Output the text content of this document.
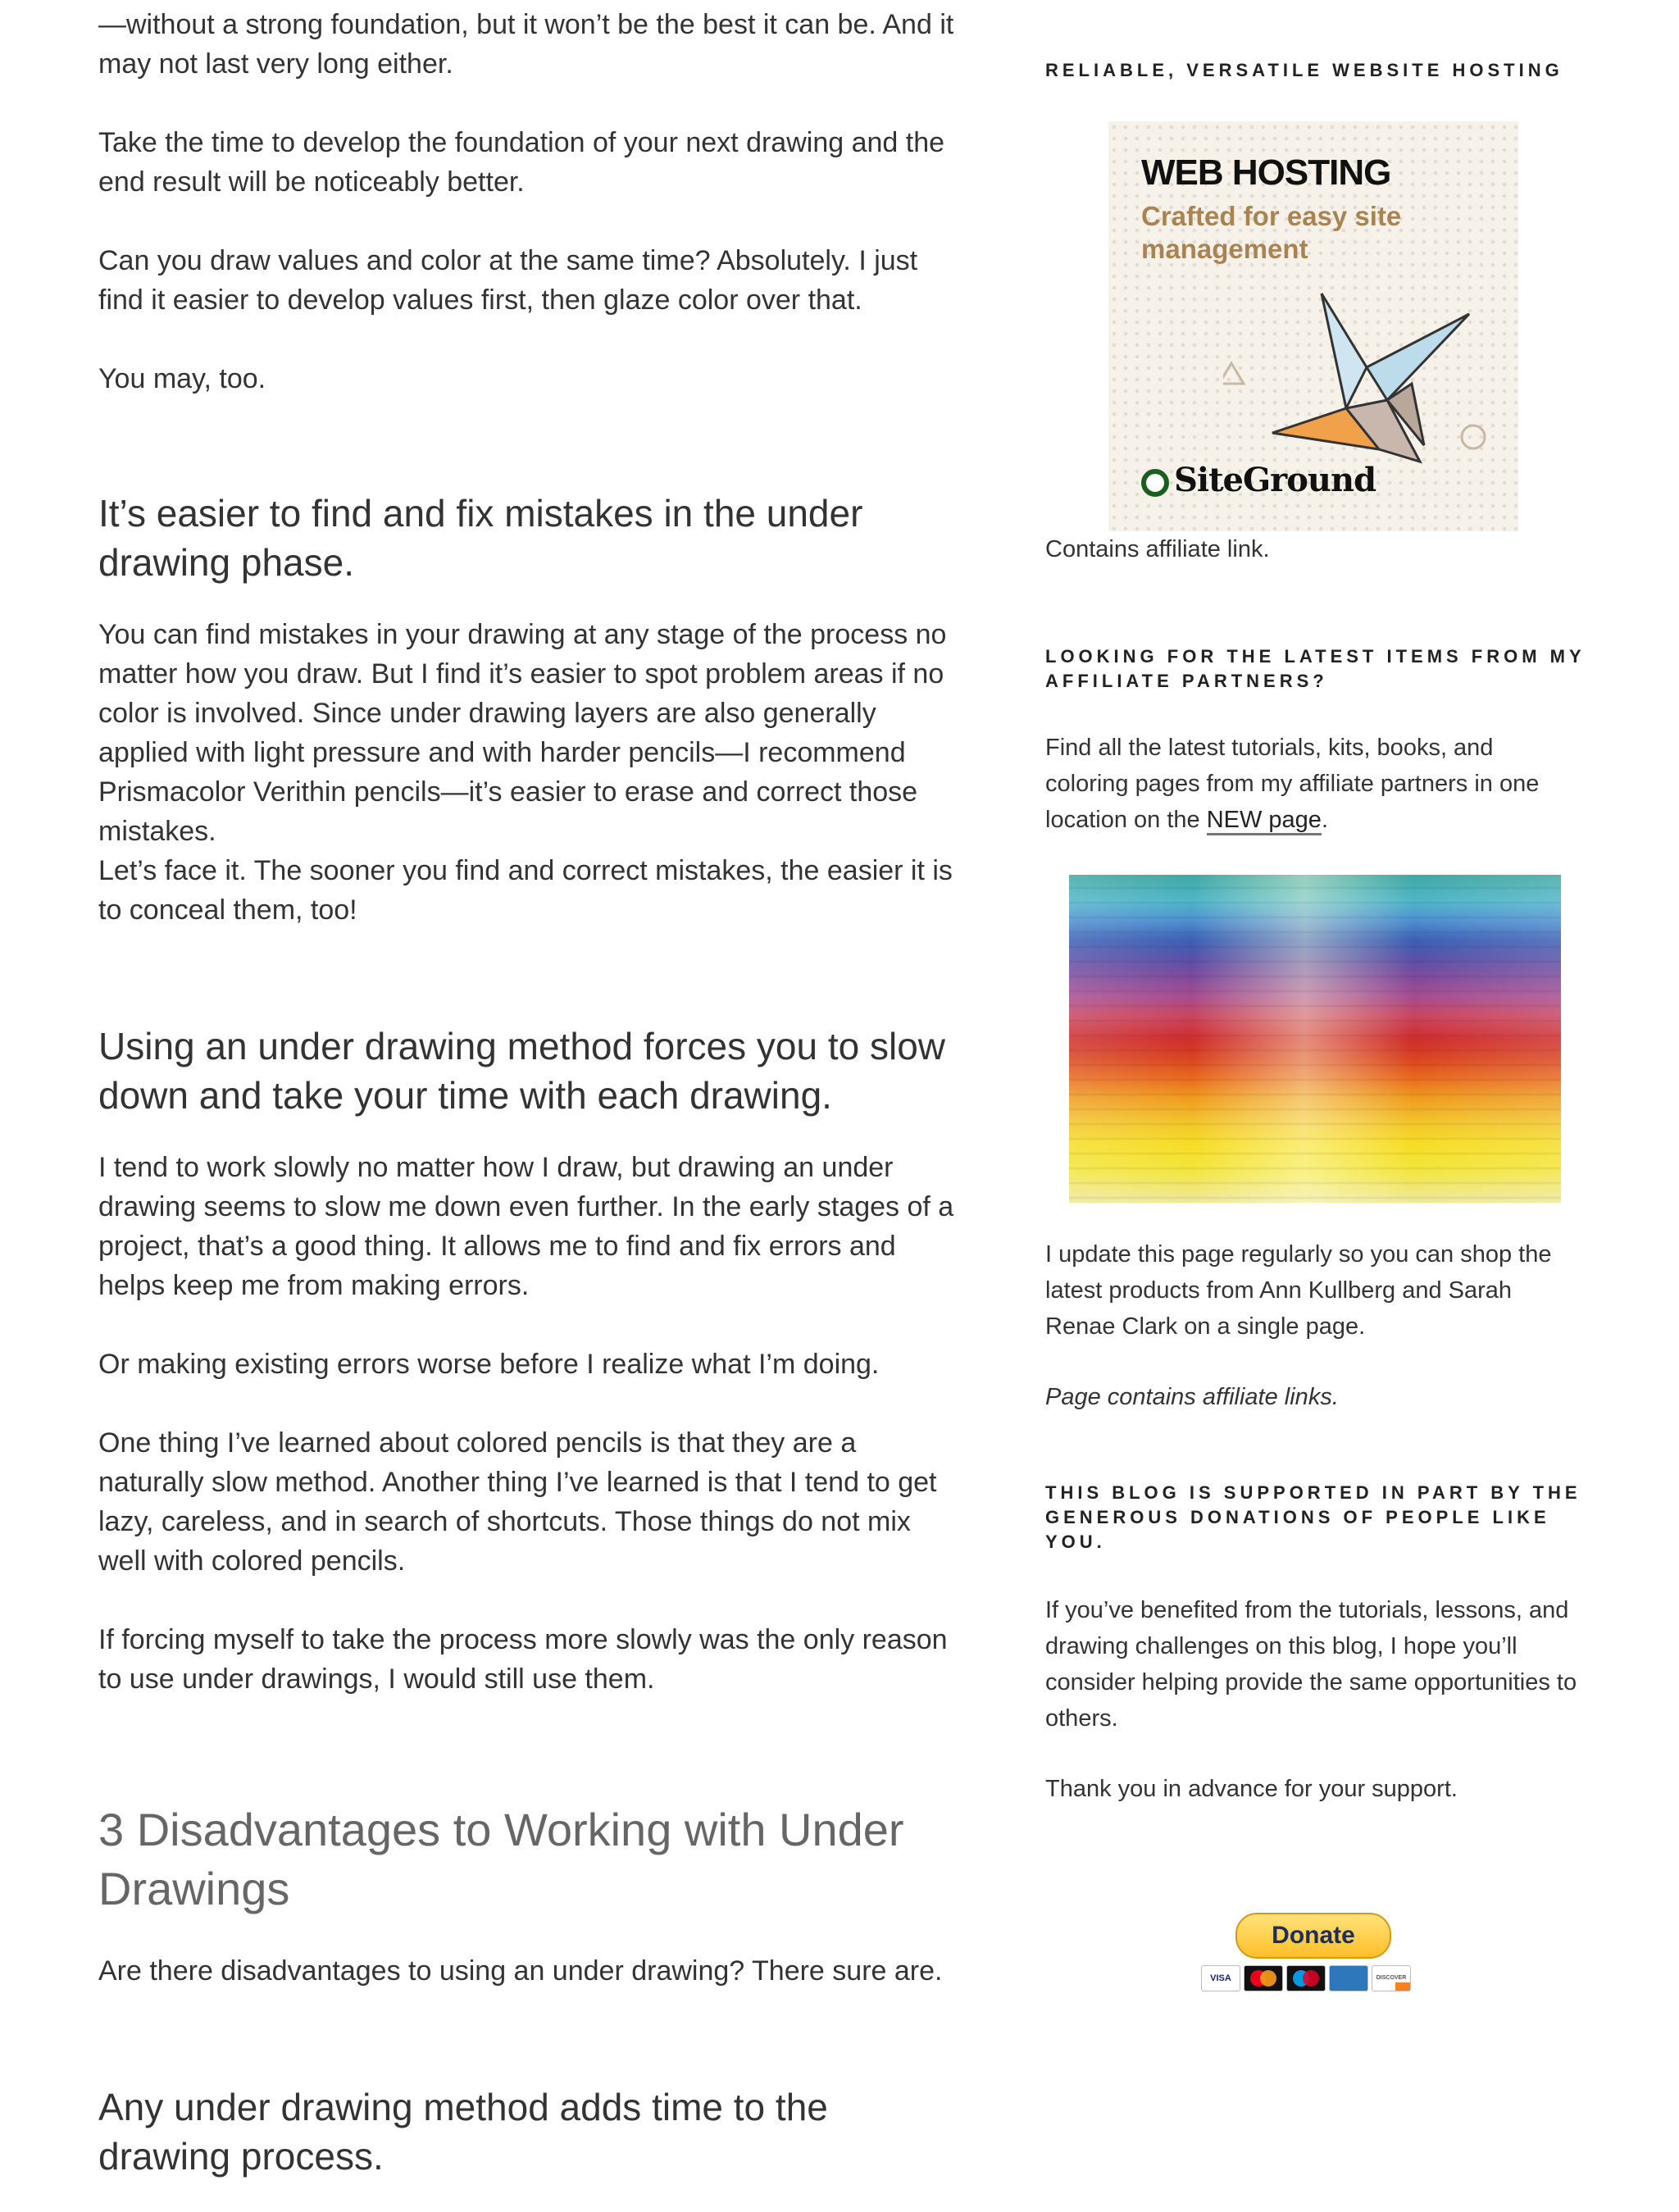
—without a strong foundation, but it won’t be the best it can be. And it may not last very long either.

Take the time to develop the foundation of your next drawing and the end result will be noticeably better.

Can you draw values and color at the same time? Absolutely. I just find it easier to develop values first, then glaze color over that.

You may, too.

It’s easier to find and fix mistakes in the under drawing phase.

You can find mistakes in your drawing at any stage of the process no matter how you draw. But I find it’s easier to spot problem areas if no color is involved. Since under drawing layers are also generally applied with light pressure and with harder pencils—I recommend Prismacolor Verithin pencils—it’s easier to erase and correct those mistakes.

Let’s face it. The sooner you find and correct mistakes, the easier it is to conceal them, too!

Using an under drawing method forces you to slow down and take your time with each drawing.

I tend to work slowly no matter how I draw, but drawing an under drawing seems to slow me down even further. In the early stages of a project, that’s a good thing. It allows me to find and fix errors and helps keep me from making errors.

Or making existing errors worse before I realize what I’m doing.

One thing I’ve learned about colored pencils is that they are a naturally slow method. Another thing I’ve learned is that I tend to get lazy, careless, and in search of shortcuts. Those things do not mix well with colored pencils.

If forcing myself to take the process more slowly was the only reason to use under drawings, I would still use them.

3 Disadvantages to Working with Under Drawings

Are there disadvantages to using an under drawing? There sure are.

Any under drawing method adds time to the drawing process.
RELIABLE, VERSATILE WEBSITE HOSTING
WEB HOSTING
Crafted for easy site management
SiteGround

Contains affiliate link.

LOOKING FOR THE LATEST ITEMS FROM MY AFFILIATE PARTNERS?

Find all the latest tutorials, kits, books, and coloring pages from my affiliate partners in one location on the NEW page.

I update this page regularly so you can shop the latest products from Ann Kullberg and Sarah Renae Clark on a single page.

Page contains affiliate links.

THIS BLOG IS SUPPORTED IN PART BY THE GENEROUS DONATIONS OF PEOPLE LIKE YOU.

If you’ve benefited from the tutorials, lessons, and drawing challenges on this blog, I hope you’ll consider helping provide the same opportunities to others.

Thank you in advance for your support.

Donate
VISA	DISCOVER
